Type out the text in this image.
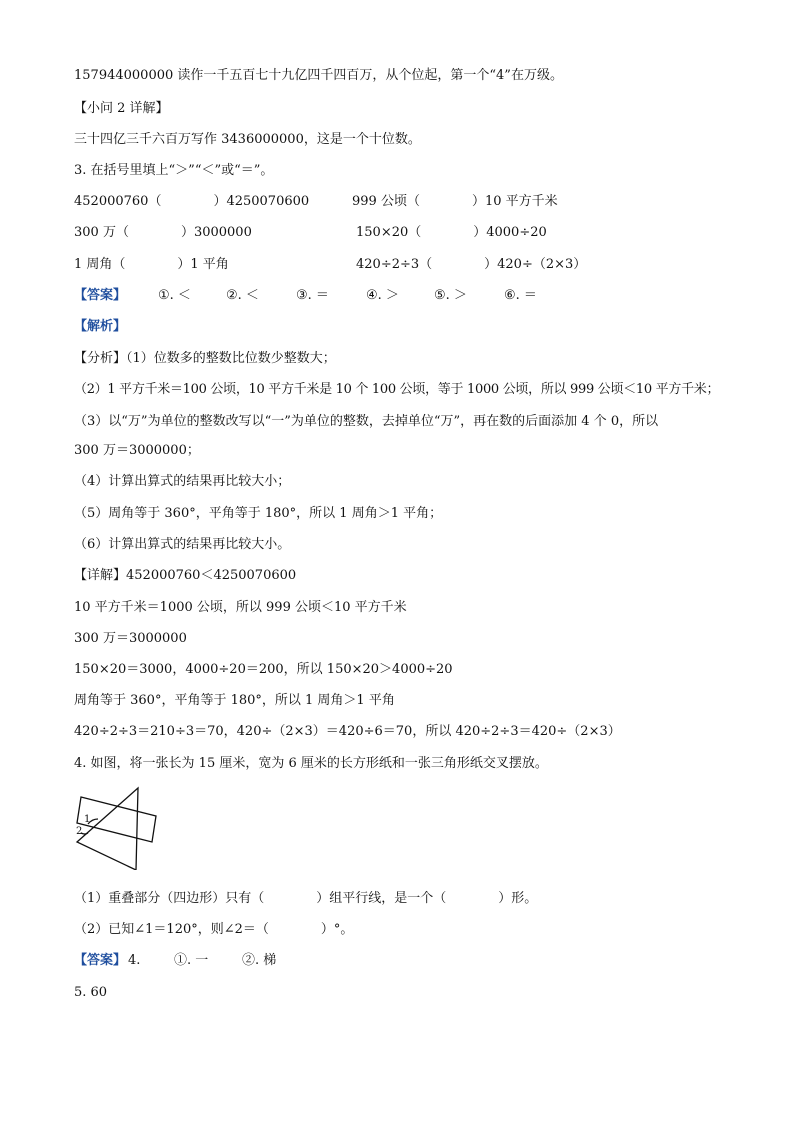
157944000000 读作一千五百七十九亿四千四百万，从个位起，第一个“4”在万级。
【小问 2 详解】
三十四亿三千六百万写作 3436000000，这是一个十位数。
3. 在括号里填上“＞”“＜”或“＝”。
452000760（　　　　）4250070600	999 公顷（　　　　）10 平方千米
300 万（　　　　）3000000	150×20（　　　　）4000÷20
1 周角（　　　　）1 平角	420÷2÷3（　　　　）420÷（2×3）
【答案】 ①. ＜	②. ＜	③. ＝	④. ＞	⑤. ＞	⑥. ＝
【解析】
【分析】（1）位数多的整数比位数少整数大；
（2）1 平方千米＝100 公顷，10 平方千米是 10 个 100 公顷，等于 1000 公顷，所以 999 公顷＜10 平方千米；
（3）以“万”为单位的整数改写以“一”为单位的整数，去掉单位“万”，再在数的后面添加 4 个 0，所以
300 万＝3000000；
（4）计算出算式的结果再比较大小；
（5）周角等于 360°，平角等于 180°，所以 1 周角＞1 平角；
（6）计算出算式的结果再比较大小。
【详解】452000760＜4250070600
10 平方千米＝1000 公顷，所以 999 公顷＜10 平方千米
300 万＝3000000
150×20＝3000，4000÷20＝200，所以 150×20＞4000÷20
周角等于 360°，平角等于 180°，所以 1 周角＞1 平角
420÷2÷3＝210÷3＝70，420÷（2×3）＝420÷6＝70，所以 420÷2÷3＝420÷（2×3）
4. 如图，将一张长为 15 厘米，宽为 6 厘米的长方形纸和一张三角形纸交叉摆放。
1
2
（1）重叠部分（四边形）只有（　　　　）组平行线，是一个（　　　　）形。
（2）已知∠1＝120°，则∠2＝（　　　　）°。
【答案】 4.	①. 一	②. 梯
5. 60
